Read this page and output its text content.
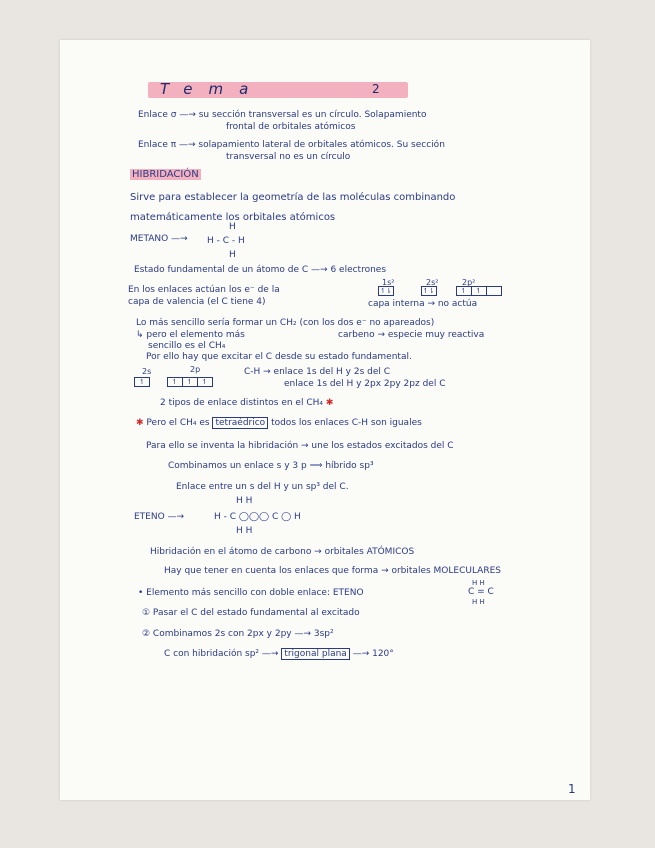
Tema	2
Enlace σ —→ su sección transversal es un círculo. Solapamiento
frontal de orbitales atómicos
Enlace π —→ solapamiento lateral de orbitales atómicos. Su sección
transversal no es un círculo
HIBRIDACIÓN
Sirve para establecer la geometría de las moléculas combinando
matemáticamente los orbitales atómicos
METANO —→
H
H - C - H
H
Estado fundamental de un átomo de C —→ 6 electrones
1s²	2s²	2p²
↿⇂	↿⇂	↿ ↿
En los enlaces actúan los e⁻ de la
capa de valencia (el C tiene 4)	capa interna → no actúa
Lo más sencillo sería formar un CH₂ (con los dos e⁻ no apareados)
↳ pero el elemento más	carbeno → especie muy reactiva
sencillo es el CH₄
Por ello hay que excitar el C desde su estado fundamental.
2s	2p
↿	↿ ↿ ↿
C-H → enlace 1s del H y 2s del C
enlace 1s del H y 2px 2py 2pz del C
2 tipos de enlace distintos en el CH₄ ✱
✱ Pero el CH₄ es tetraédrico todos los enlaces C-H son iguales
Para ello se inventa la hibridación → une los estados excitados del C
Combinamos un enlace s y 3 p ⟹ híbrido sp³
Enlace entre un s del H y un sp³ del C.
ETENO —→
H H
H - C ◯◯◯ C ◯ H
H H
Hibridación en el átomo de carbono → orbitales ATÓMICOS
Hay que tener en cuenta los enlaces que forma → orbitales MOLECULARES
• Elemento más sencillo con doble enlace: ETENO
H H
C = C
H H
① Pasar el C del estado fundamental al excitado
② Combinamos 2s con 2px y 2py —→ 3sp²
C con hibridación sp² —→ trigonal plana —→ 120°
1
